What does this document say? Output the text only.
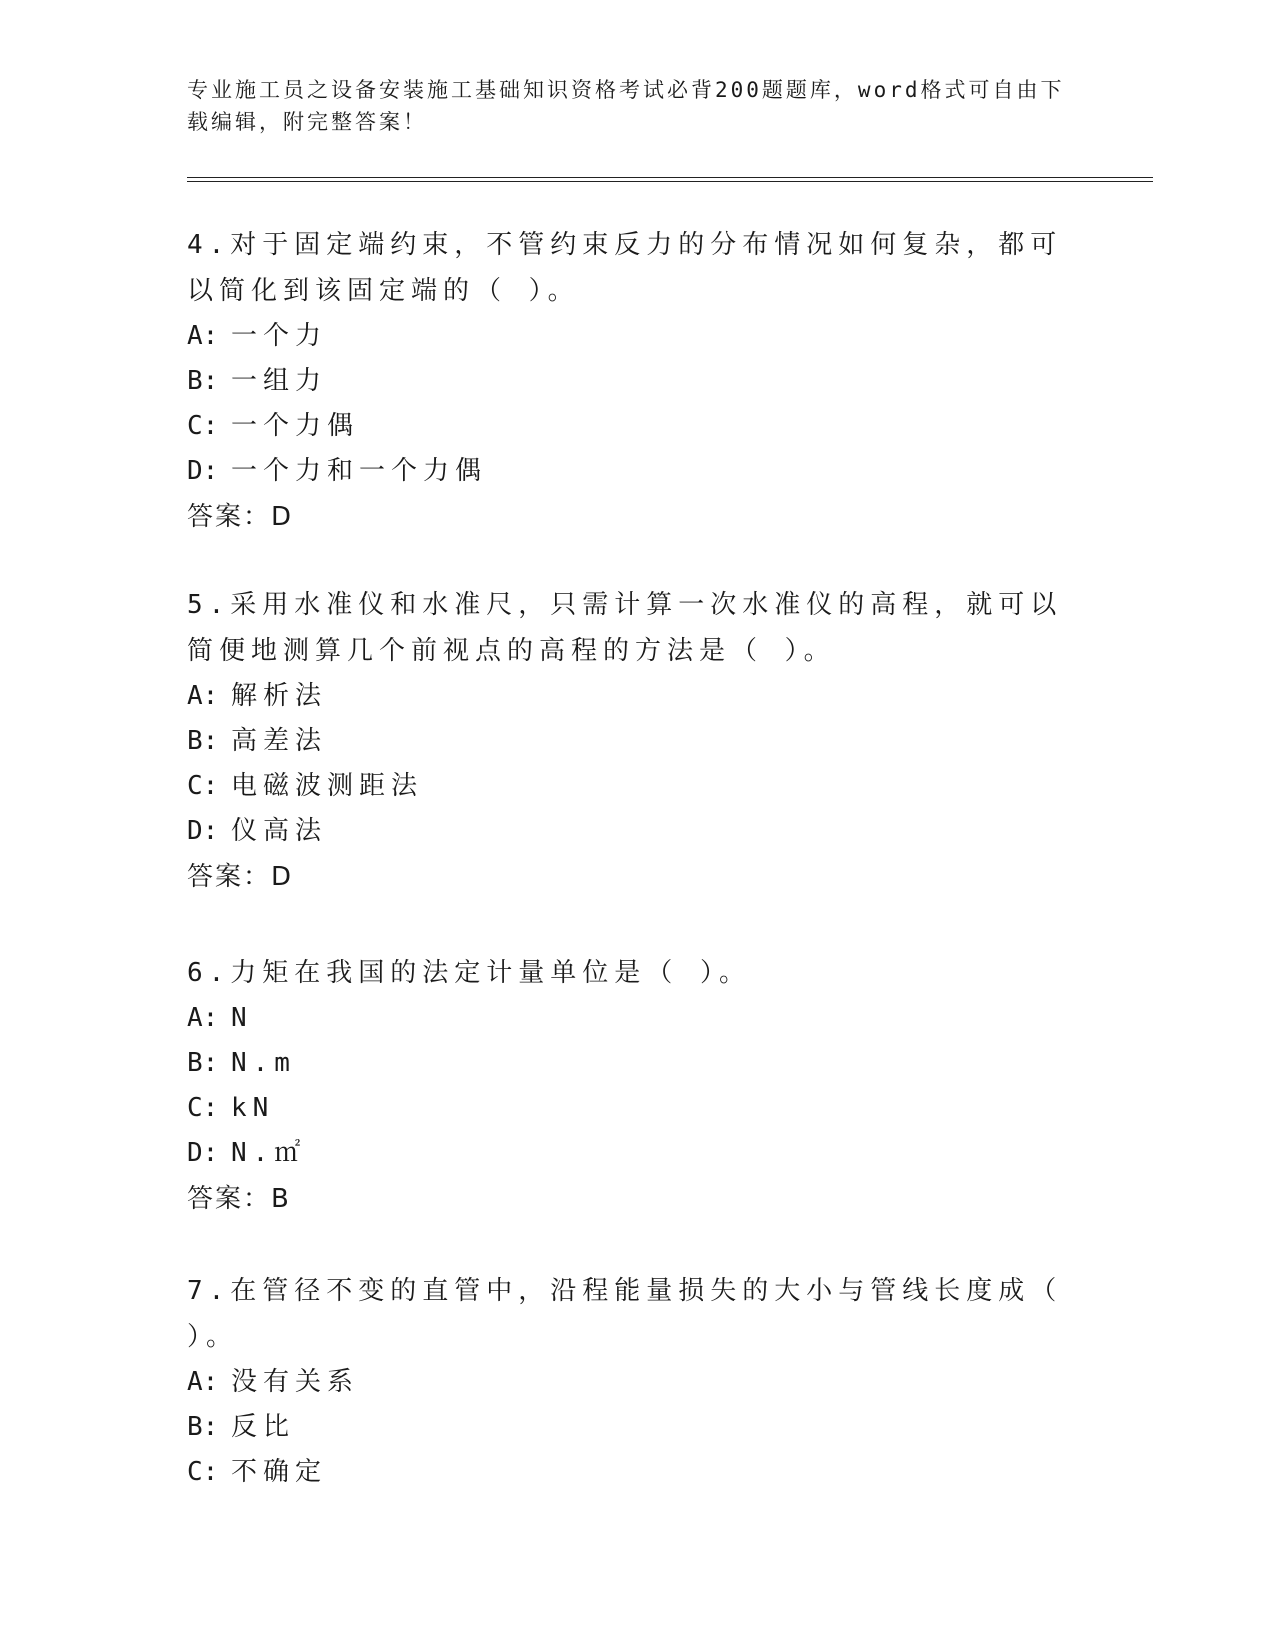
专业施工员之设备安装施工基础知识资格考试必背200题题库，word格式可自由下载编辑，附完整答案！

4.对于固定端约束，不管约束反力的分布情况如何复杂，都可以简化到该固定端的（ ）。

A: 一个力
B: 一组力
C: 一个力偶
D: 一个力和一个力偶
答案：D

5.采用水准仪和水准尺，只需计算一次水准仪的高程，就可以简便地测算几个前视点的高程的方法是（ ）。

A: 解析法
B: 高差法
C: 电磁波测距法
D: 仪高法
答案：D

6.力矩在我国的法定计量单位是（ ）。

A: N
B: N.m
C: kN
D: N.㎡
答案：B

7.在管径不变的直管中，沿程能量损失的大小与管线长度成（ ）。

A: 没有关系
B: 反比
C: 不确定
